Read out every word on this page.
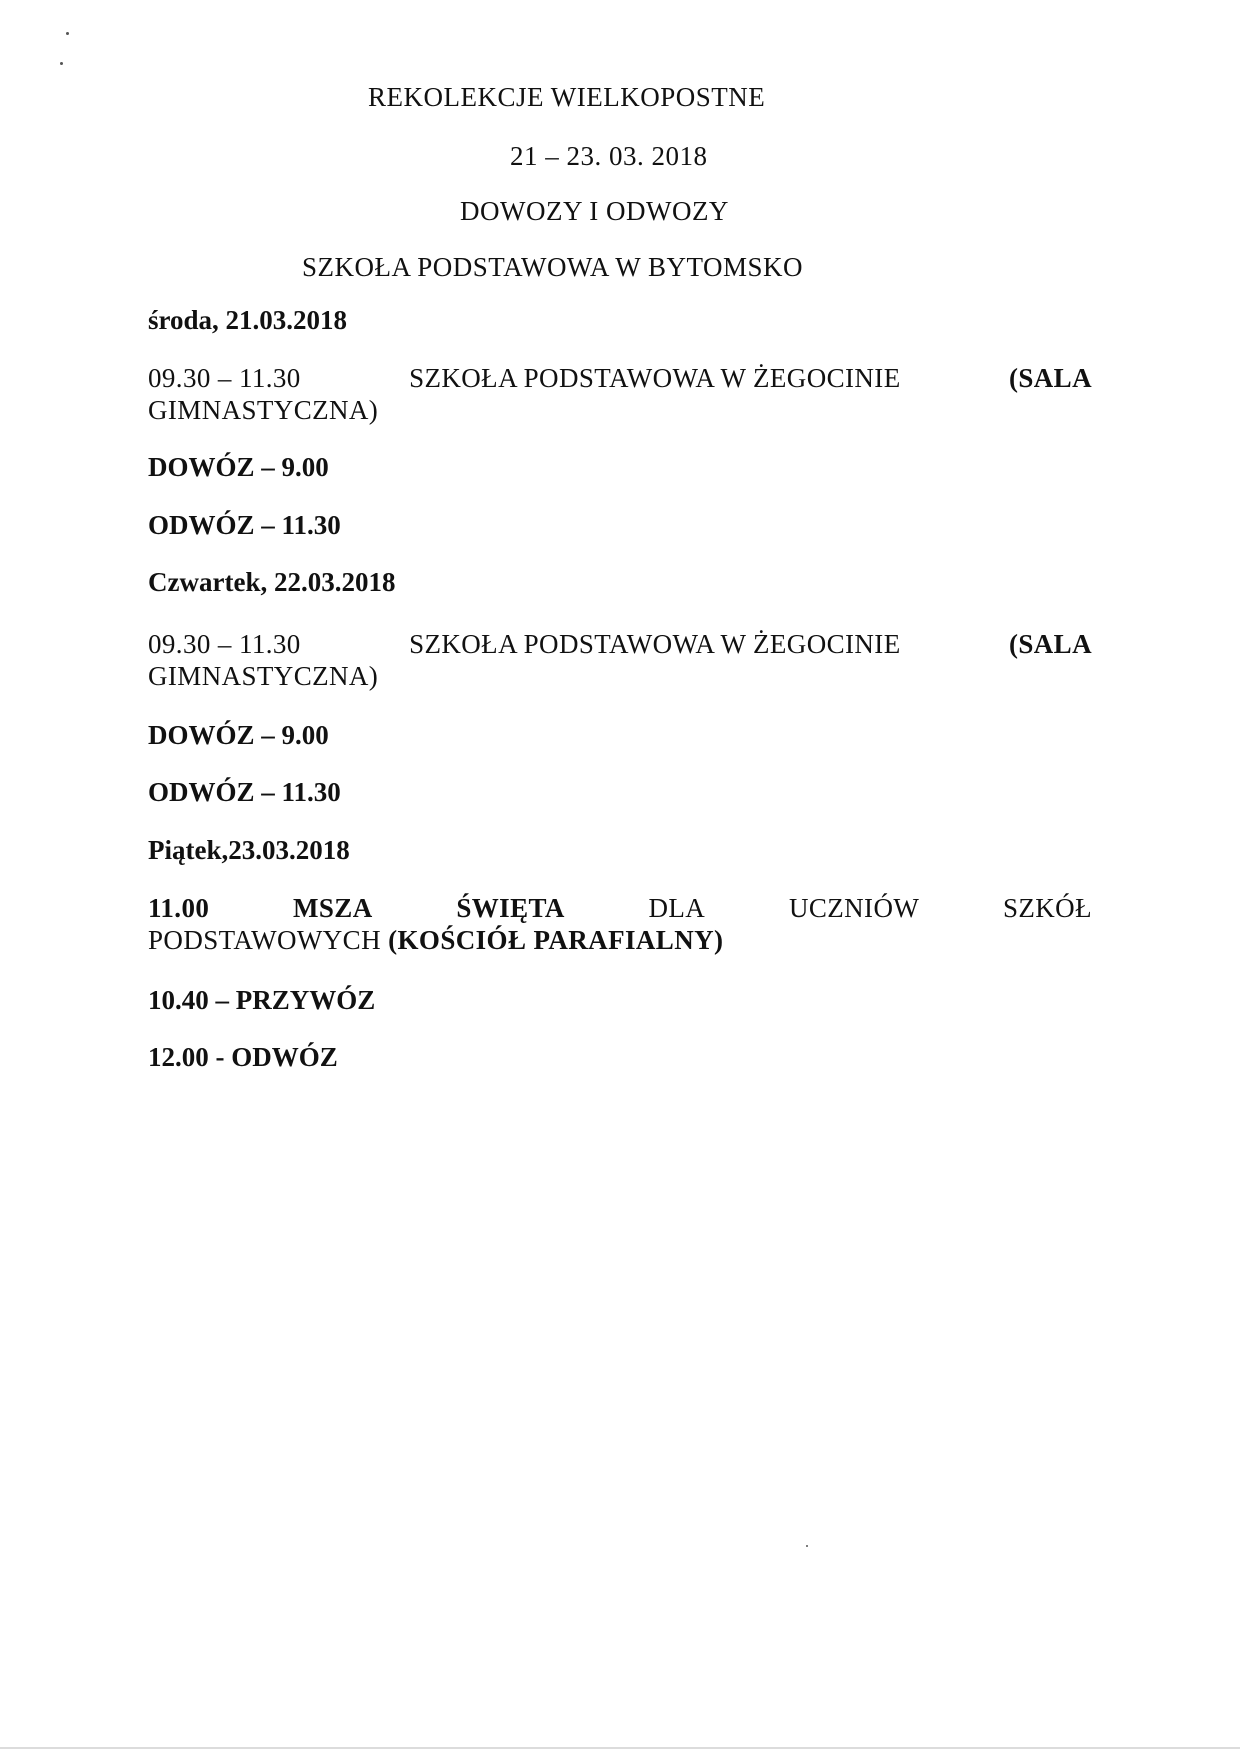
REKOLEKCJE WIELKOPOSTNE
21 – 23. 03. 2018
DOWOZY I ODWOZY
SZKOŁA PODSTAWOWA W BYTOMSKO
środa, 21.03.2018
09.30 – 11.30	SZKOŁA PODSTAWOWA W ŻEGOCINIE	(SALA
GIMNASTYCZNA)
DOWÓZ – 9.00
ODWÓZ – 11.30
Czwartek, 22.03.2018
09.30 – 11.30	SZKOŁA PODSTAWOWA W ŻEGOCINIE	(SALA
GIMNASTYCZNA)
DOWÓZ – 9.00
ODWÓZ – 11.30
Piątek,23.03.2018
11.00	MSZA	ŚWIĘTA	DLA	UCZNIÓW	SZKÓŁ
PODSTAWOWYCH (KOŚCIÓŁ PARAFIALNY)
10.40 – PRZYWÓZ
12.00 - ODWÓZ
